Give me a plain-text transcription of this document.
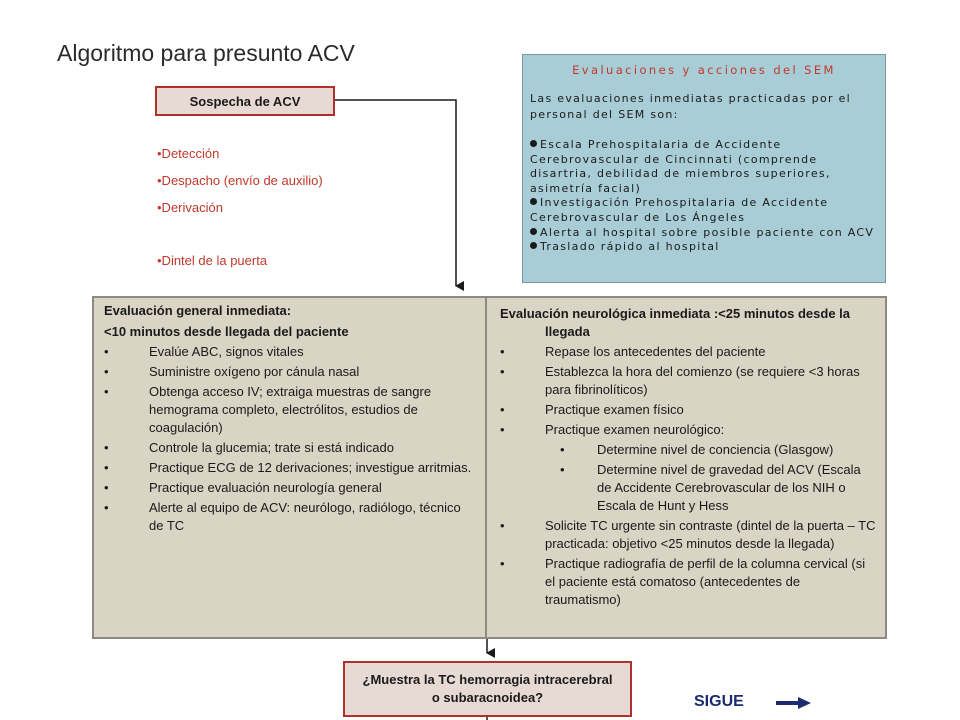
Algoritmo para presunto ACV
Evaluaciones y acciones del SEM
Las evaluaciones inmediatas practicadas por el personal del SEM son:
Escala Prehospitalaria de Accidente Cerebrovascular de Cincinnati (comprende disartria, debilidad de miembros superiores, asimetría facial)
Investigación Prehospitalaria de Accidente Cerebrovascular de Los Ángeles
Alerta al hospital sobre posible paciente con ACV
Traslado rápido al hospital
Sospecha de ACV
•Detección
•Despacho (envío de auxilio)
•Derivación
•Dintel de la puerta
Evaluación general inmediata:
<10 minutos desde llegada del paciente
•	Evalúe ABC, signos vitales
•	Suministre oxígeno por cánula nasal
•	Obtenga acceso IV; extraiga muestras de sangre hemograma completo, electrólitos, estudios de coagulación)
•	Controle la glucemia; trate si está indicado
•	Practique ECG de 12 derivaciones; investigue arritmias.
•	Practique evaluación neurología general
•	Alerte al equipo de ACV: neurólogo, radiólogo, técnico de TC
Evaluación neurológica inmediata :<25 minutos desde la
llegada
•	Repase los antecedentes del paciente
•	Establezca la hora del comienzo (se requiere <3 horas para fibrinolíticos)
•	Practique examen físico
•	Practique examen neurológico:
• Determine nivel de conciencia (Glasgow)
• Determine nivel de gravedad del ACV (Escala de Accidente Cerebrovascular de los NIH o Escala de Hunt y Hess
•	Solicite TC urgente sin contraste (dintel de la puerta – TC practicada: objetivo <25 minutos desde la llegada)
•	Practique radiografía de perfil de la columna cervical (si el paciente está comatoso (antecedentes de traumatismo)
¿Muestra la TC hemorragia intracerebral
o subaracnoidea?	SIGUE
